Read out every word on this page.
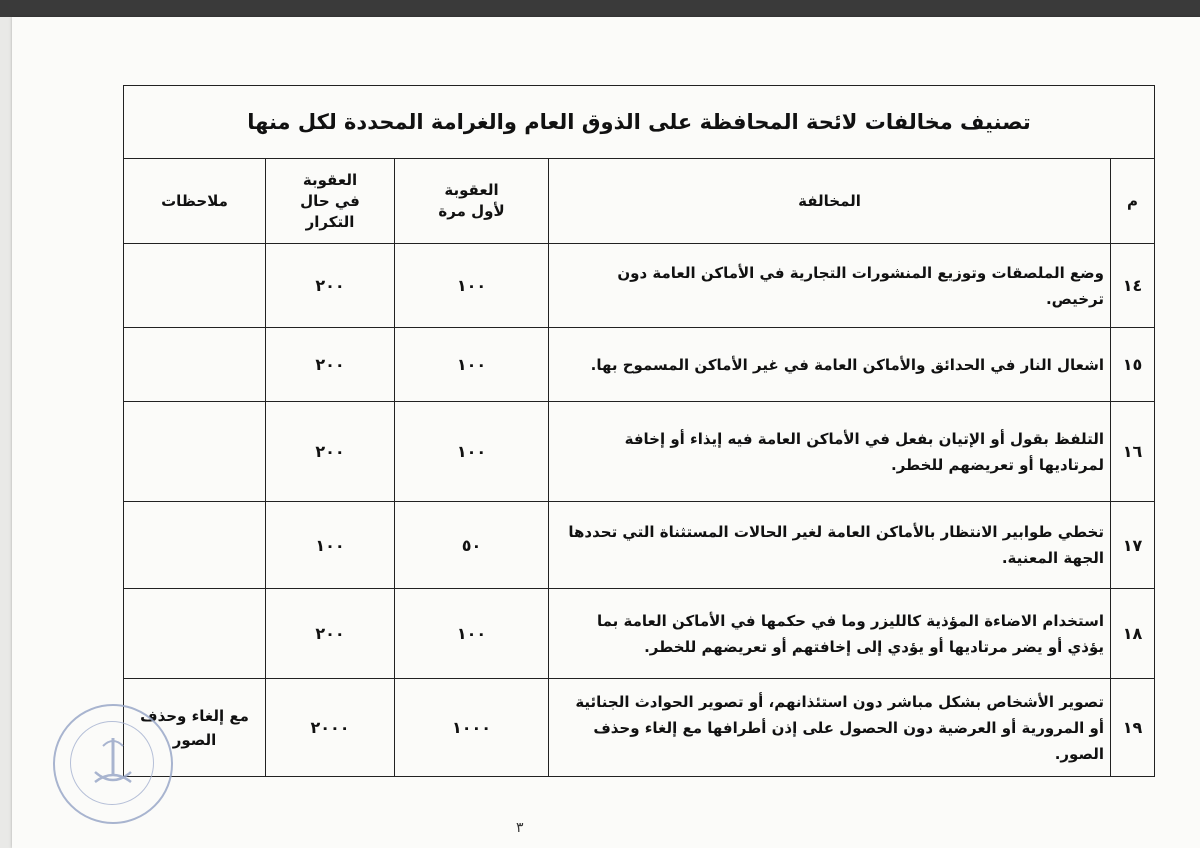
تصنيف مخالفات لائحة المحافظة على الذوق العام والغرامة المحددة لكل منها				
م	المخالفة	العقوبة لأول مرة	العقوبة في حال التكرار	ملاحظات
١٤	وضع الملصقات وتوزيع المنشورات التجارية في الأماكن العامة دون ترخيص.	١٠٠	٢٠٠	
١٥	اشعال النار في الحدائق والأماكن العامة في غير الأماكن المسموح بها.	١٠٠	٢٠٠	
١٦	التلفظ بقول أو الإتيان بفعل في الأماكن العامة فيه إيذاء أو إخافة لمرتاديها أو تعريضهم للخطر.	١٠٠	٢٠٠	
١٧	تخطي طوابير الانتظار بالأماكن العامة لغير الحالات المستثناة التي تحددها الجهة المعنية.	٥٠	١٠٠	
١٨	استخدام الاضاءة المؤذية كالليزر وما في حكمها في الأماكن العامة بما يؤذي أو يضر مرتاديها أو يؤدي إلى إخافتهم أو تعريضهم للخطر.	١٠٠	٢٠٠	
١٩	تصوير الأشخاص بشكل مباشر دون استئذانهم، أو تصوير الحوادث الجنائية أو المرورية أو العرضية دون الحصول على إذن أطرافها مع إلغاء وحذف الصور.	١٠٠٠	٢٠٠٠	مع إلغاء وحذف الصور
٣
